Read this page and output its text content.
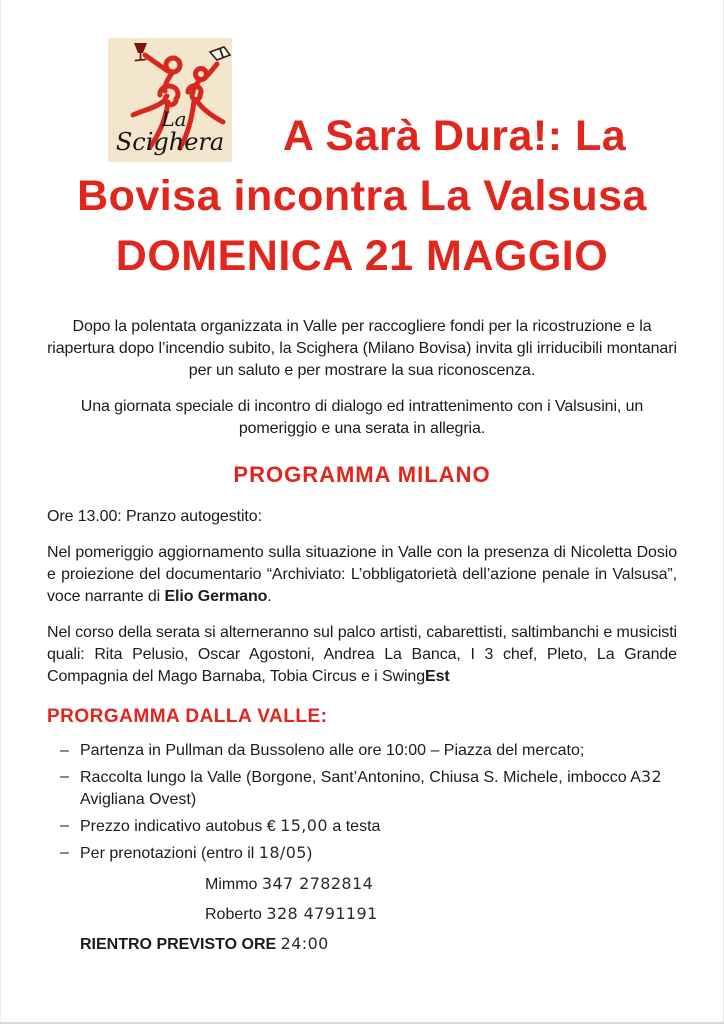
La
Scighera	A Sarà Dura!: La
Bovisa incontra La Valsusa
DOMENICA 21 MAGGIO

Dopo la polentata organizzata in Valle per raccogliere fondi per la ricostruzione e la riapertura dopo l’incendio subito, la Scighera (Milano Bovisa) invita gli irriducibili montanari per un saluto e per mostrare la sua riconoscenza.

Una giornata speciale di incontro di dialogo ed intrattenimento con i Valsusini, un pomeriggio e una serata in allegria.

PROGRAMMA MILANO

Ore 13.00: Pranzo autogestito:

Nel pomeriggio aggiornamento sulla situazione in Valle con la presenza di Nicoletta Dosio e proiezione del documentario “Archiviato: L’obbligatorietà dell’azione penale in Valsusa”, voce narrante di Elio Germano.

Nel corso della serata si alterneranno sul palco artisti, cabarettisti, saltimbanchi e musicisti quali: Rita Pelusio, Oscar Agostoni, Andrea La Banca, I 3 chef, Pleto, La Grande Compagnia del Mago Barnaba, Tobia Circus e i SwingEst

PRORGAMMA DALLA VALLE:
– Partenza in Pullman da Bussoleno alle ore 10:00 – Piazza del mercato;
– Raccolta lungo la Valle (Borgone, Sant’Antonino, Chiusa S. Michele, imbocco A32 Avigliana Ovest)
– Prezzo indicativo autobus € 15,00 a testa
– Per prenotazioni (entro il 18/05)
Mimmo 347 2782814
Roberto 328 4791191
RIENTRO PREVISTO ORE 24:00
